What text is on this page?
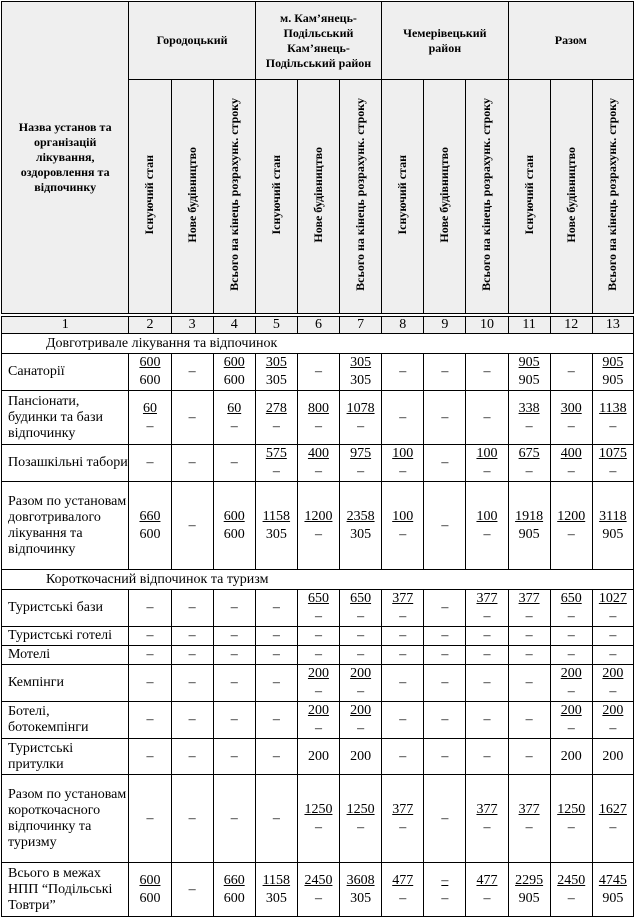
Назва установ та організацій лікування, оздоровлення та відпочинку	Городоцький			м. Кам’янець-Подільський Кам’янець-Подільський район			Чемерівецький район			Разом		
	Існуючий стан	Нове будівництво	Всього на кінець розрахунк. строку	Існуючий стан	Нове будівництво	Всього на кінець розрахунк. строку	Існуючий стан	Нове будівництво	Всього на кінець розрахунк. строку	Існуючий стан	Нове будівництво	Всього на кінець розрахунк. строку
1	2	3	4	5	6	7	8	9	10	11	12	13
Довготривале лікування та відпочинок												
Санаторії	$\frac{600}{600}$	–	$\frac{600}{600}$	$\frac{305}{305}$	–	$\frac{305}{305}$	–	–	–	$\frac{905}{905}$	–	$\frac{905}{905}$

Пансіонати, будинки та бази відпочинку	$\frac{60}{-}$	–	$\frac{60}{-}$	$\frac{278}{-}$	$\frac{800}{-}$	$\frac{1078}{-}$	–	–	–	$\frac{338}{-}$	$\frac{300}{-}$	$\frac{1138}{-}$

Позашкільні табори	–	–	–	$\frac{575}{-}$	$\frac{400}{-}$	$\frac{975}{-}$	$\frac{100}{-}$	–	$\frac{100}{-}$	$\frac{675}{-}$	$\frac{400}{-}$	$\frac{1075}{-}$

Разом по установам довготривалого лікування та відпочинку	$\frac{660}{600}$	–	$\frac{600}{600}$	$\frac{1158}{305}$	$\frac{1200}{-}$	$\frac{2358}{305}$	$\frac{100}{-}$	–	$\frac{100}{-}$	$\frac{1918}{905}$	$\frac{1200}{-}$	$\frac{3118}{905}$

Короткочасний відпочинок та туризм												
Туристські бази	–	–	–	–	$\frac{650}{-}$	$\frac{650}{-}$	$\frac{377}{-}$	–	$\frac{377}{-}$	$\frac{377}{-}$	$\frac{650}{-}$	$\frac{1027}{-}$

Туристські готелі	–	–	–	–	–	–	–	–	–	–	–	–
Мотелі	–	–	–	–	–	–	–	–	–	–	–	–
Кемпінги	–	–	–	–	$\frac{200}{-}$	$\frac{200}{-}$	–	–	–	–	$\frac{200}{-}$	$\frac{200}{-}$

Ботелі, ботокемпінги	–	–	–	–	$\frac{200}{-}$	$\frac{200}{-}$	–	–	–	–	$\frac{200}{-}$	$\frac{200}{-}$

Туристські притулки	–	–	–	–	200	200	–	–	–	–	200	200
Разом по установам короткочасного відпочинку та туризму	–	–	–	–	$\frac{1250}{-}$	$\frac{1250}{-}$	$\frac{377}{-}$	–	$\frac{377}{-}$	$\frac{377}{-}$	$\frac{1250}{-}$	$\frac{1627}{-}$

Всього в межах НПП “Подільські Товтри”	$\frac{600}{600}$	–	$\frac{660}{600}$	$\frac{1158}{305}$	$\frac{2450}{-}$	$\frac{3608}{305}$	$\frac{477}{-}$	$\frac{-}{-}$	$\frac{477}{-}$	$\frac{2295}{905}$	$\frac{2450}{-}$	$\frac{4745}{905}$
